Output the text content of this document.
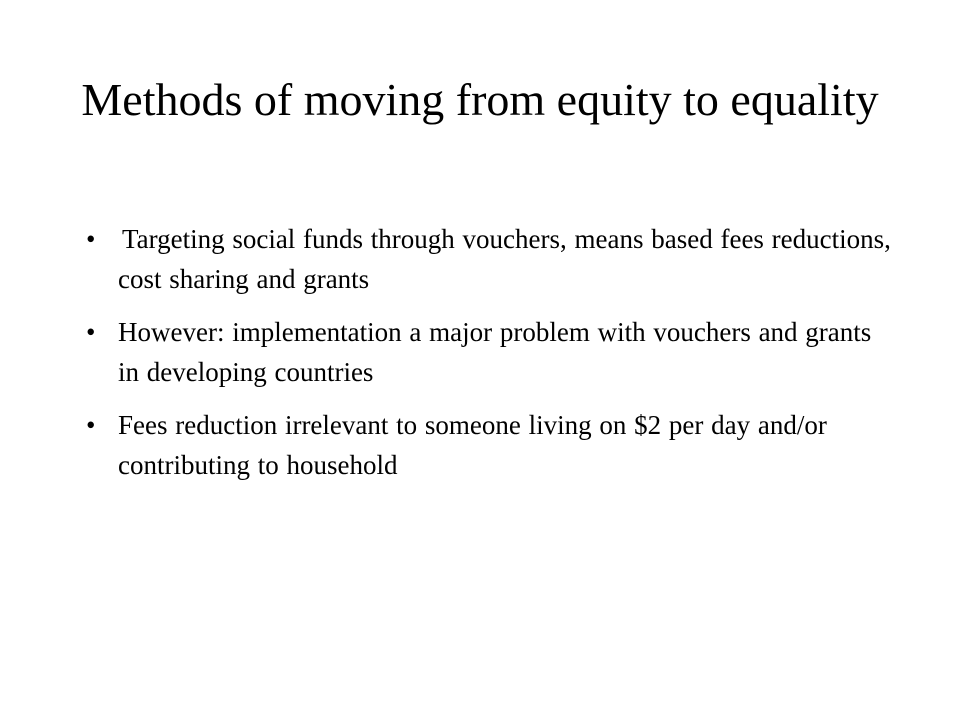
Methods of moving from equity to equality
• Targeting social funds through vouchers, means based fees reductions, cost sharing and grants
• However: implementation a major problem with vouchers and grants in developing countries
• Fees reduction irrelevant to someone living on $2 per day and/or contributing to household
